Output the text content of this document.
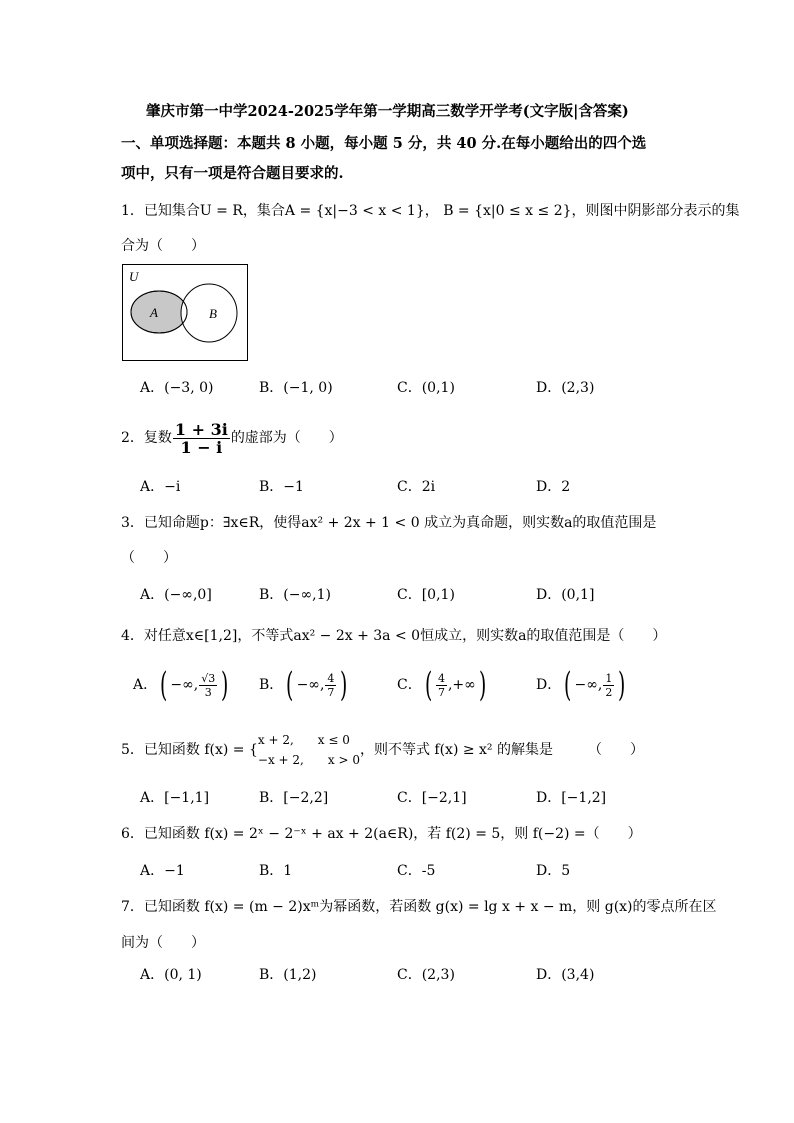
肇庆市第一中学2024-2025学年第一学期高三数学开学考(文字版|含答案)
一、单项选择题：本题共 8 小题，每小题 5 分，共 40 分.在每小题给出的四个选
项中，只有一项是符合题目要求的.
1．已知集合U = R，集合A = {x|−3 < x < 1}， B = {x|0 ≤ x ≤ 2}，则图中阴影部分表示的集
合为（　　）
U
A	B
A．(−3, 0)	B．(−1, 0)	C．(0,1)	D．(2,3)
2．复数 $\frac{1 + 3i}{1 - i}$ 的虚部为（　　）
A．−i	B．−1	C．2i	D．2
3．已知命题p：∃x∈R，使得ax² + 2x + 1 < 0 成立为真命题，则实数a的取值范围是
（　　）
A．(−∞,0]	B．(−∞,1)	C．[0,1)	D．(0,1]
4．对任意x∈[1,2]，不等式ax² − 2x + 3a < 0恒成立，则实数a的取值范围是（　　）
A．( −∞, $\frac{√3}{3}$ ) B．( −∞, $\frac{4}{7}$ )	C．( $\frac{4}{7}$ ,+∞)	D．( −∞, $\frac{1}{2}$ )
5．已知函数 f(x) = {
x + 2,　　x ≤ 0
−x + 2,　　x > 0
，则不等式 f(x) ≥ x² 的解集是　　　（　　）
A．[−1,1]	B．[−2,2]	C．[−2,1]	D．[−1,2]
6．已知函数 f(x) = 2ˣ − 2⁻ˣ + ax + 2(a∈R)，若 f(2) = 5，则 f(−2) =（　　）
A．−1	B．1	C．-5	D．5
7．已知函数 f(x) = (m − 2)xᵐ为幂函数，若函数 g(x) = lg x + x − m，则 g(x)的零点所在区
间为（　　）
A．(0, 1)	B．(1,2)	C．(2,3)	D．(3,4)
